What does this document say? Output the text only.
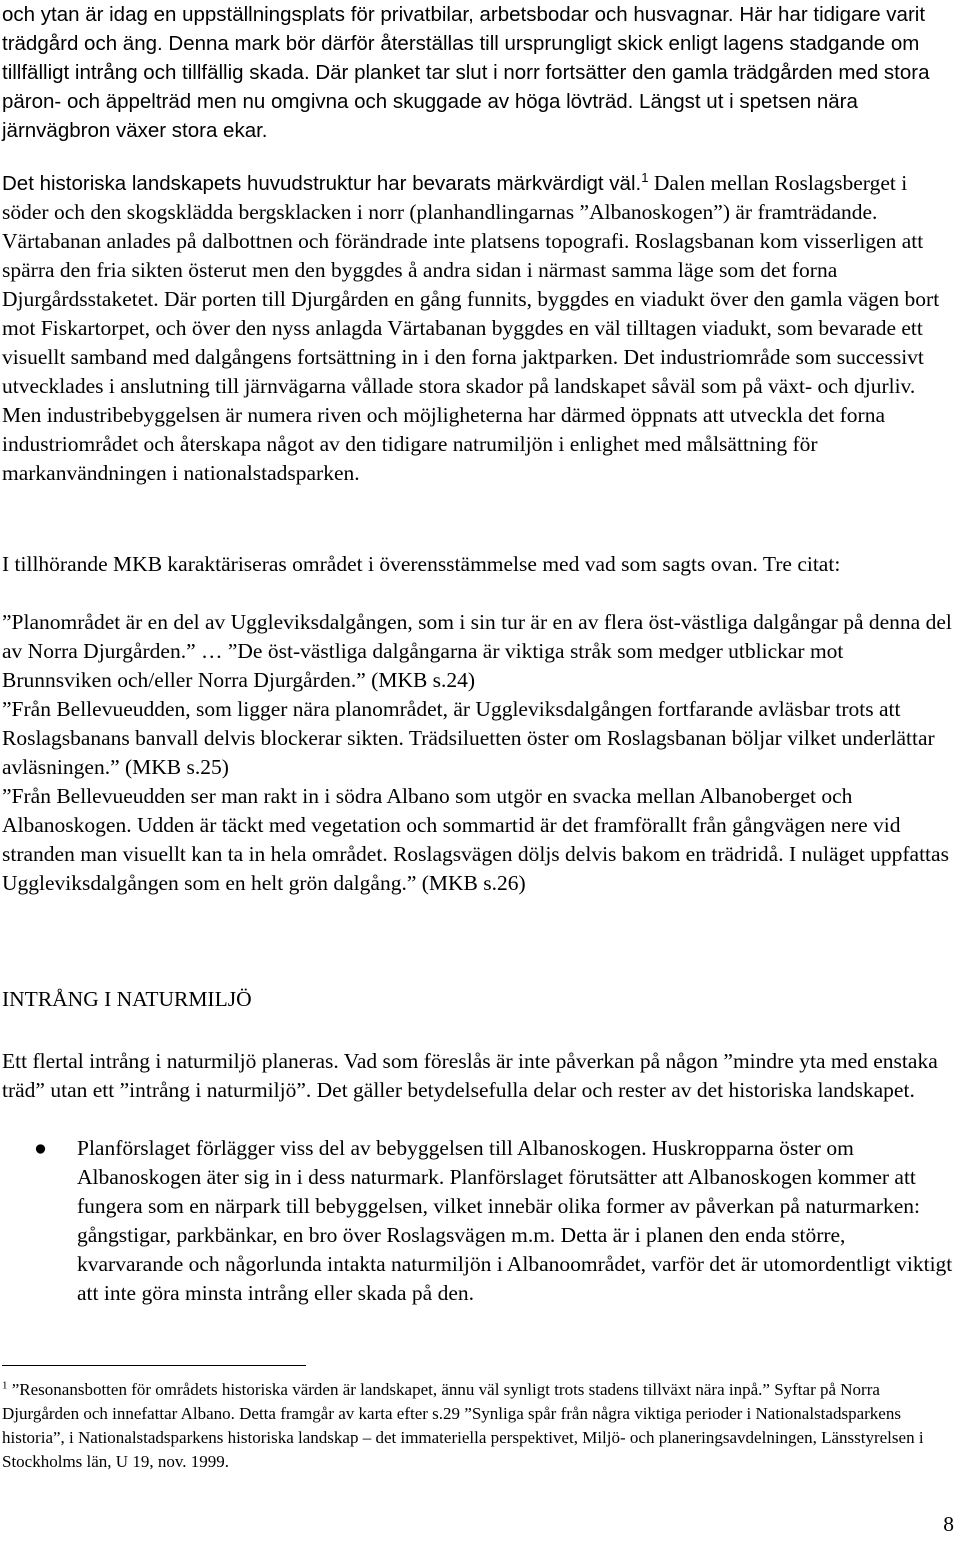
och ytan är idag en uppställningsplats för privatbilar, arbetsbodar och husvagnar. Här har tidigare varit trädgård och äng. Denna mark bör därför återställas till ursprungligt skick enligt lagens stadgande om tillfälligt intrång och tillfällig skada. Där planket tar slut i norr fortsätter den gamla trädgården med stora päron- och äppelträd men nu omgivna och skuggade av höga lövträd. Längst ut i spetsen nära järnvägbron växer stora ekar.

Det historiska landskapets huvudstruktur har bevarats märkvärdigt väl.$^1$ Dalen mellan Roslagsberget i söder och den skogsklädda bergsklacken i norr (planhandlingarnas ”Albanoskogen”) är framträdande. Värtabanan anlades på dalbottnen och förändrade inte platsens topografi. Roslagsbanan kom visserligen att spärra den fria sikten österut men den byggdes å andra sidan i närmast samma läge som det forna Djurgårdsstaketet. Där porten till Djurgården en gång funnits, byggdes en viadukt över den gamla vägen bort mot Fiskartorpet, och över den nyss anlagda Värtabanan byggdes en väl tilltagen viadukt, som bevarade ett visuellt samband med dalgångens fortsättning in i den forna jaktparken. Det industriområde som successivt utvecklades i anslutning till järnvägarna vållade stora skador på landskapet såväl som på växt- och djurliv. Men industribebyggelsen är numera riven och möjligheterna har därmed öppnats att utveckla det forna industriområdet och återskapa något av den tidigare natrumiljön i enlighet med målsättning för markanvändningen i nationalstadsparken.

I tillhörande MKB karaktäriseras området i överensstämmelse med vad som sagts ovan. Tre citat:

”Planområdet är en del av Uggleviksdalgången, som i sin tur är en av flera öst-västliga dalgångar på denna del av Norra Djurgården.” … ”De öst-västliga dalgångarna är viktiga stråk som medger utblickar mot Brunnsviken och/eller Norra Djurgården.” (MKB s.24)

”Från Bellevueudden, som ligger nära planområdet, är Uggleviksdalgången fortfarande avläsbar trots att Roslagsbanans banvall delvis blockerar sikten. Trädsiluetten öster om Roslagsbanan böljar vilket underlättar avläsningen.” (MKB s.25)

”Från Bellevueudden ser man rakt in i södra Albano som utgör en svacka mellan Albanoberget och Albanoskogen. Udden är täckt med vegetation och sommartid är det framförallt från gångvägen nere vid stranden man visuellt kan ta in hela området. Roslagsvägen döljs delvis bakom en trädridå. I nuläget uppfattas Uggleviksdalgången som en helt grön dalgång.” (MKB s.26)

INTRÅNG I NATURMILJÖ

Ett flertal intrång i naturmiljö planeras. Vad som föreslås är inte påverkan på någon ”mindre yta med enstaka träd” utan ett ”intrång i naturmiljö”. Det gäller betydelsefulla delar och rester av det historiska landskapet.

● Planförslaget förlägger viss del av bebyggelsen till Albanoskogen. Huskropparna öster om Albanoskogen äter sig in i dess naturmark. Planförslaget förutsätter att Albanoskogen kommer att fungera som en närpark till bebyggelsen, vilket innebär olika former av påverkan på naturmarken: gångstigar, parkbänkar, en bro över Roslagsvägen m.m. Detta är i planen den enda större, kvarvarande och någorlunda intakta naturmiljön i Albanoområdet, varför det är utomordentligt viktigt att inte göra minsta intrång eller skada på den.

$^1$ ”Resonansbotten för områdets historiska värden är landskapet, ännu väl synligt trots stadens tillväxt nära inpå.” Syftar på Norra Djurgården och innefattar Albano. Detta framgår av karta efter s.29 ”Synliga spår från några viktiga perioder i Nationalstadsparkens historia”, i Nationalstadsparkens historiska landskap – det immateriella perspektivet, Miljö- och planeringsavdelningen, Länsstyrelsen i Stockholms län, U 19, nov. 1999.

8
